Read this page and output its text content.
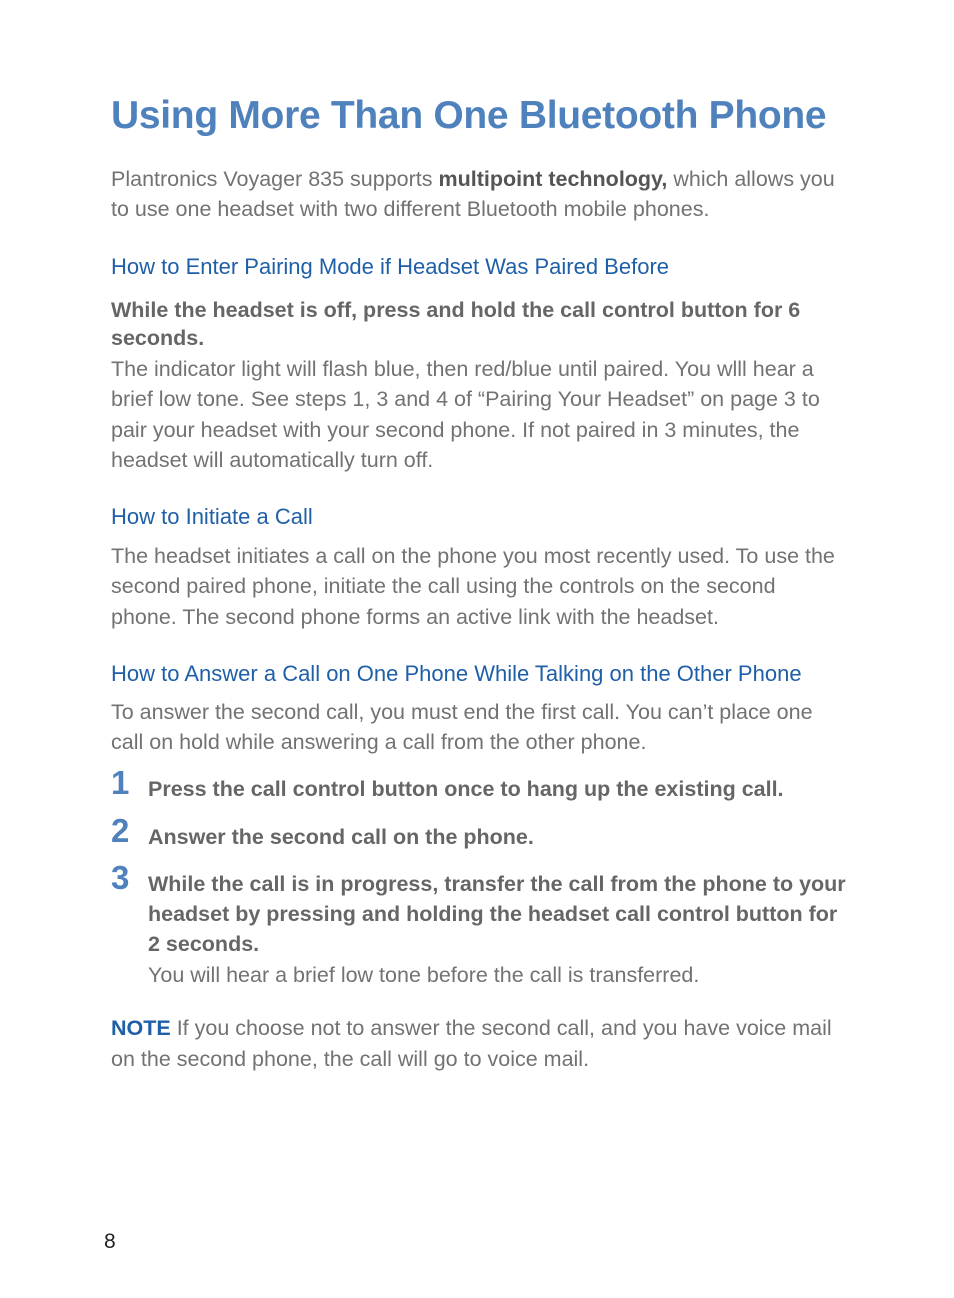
Using More Than One Bluetooth Phone

Plantronics Voyager 835 supports multipoint technology, which allows you to use one headset with two different Bluetooth mobile phones.

How to Enter Pairing Mode if Headset Was Paired Before

While the headset is off, press and hold the call control button for 6 seconds.

The indicator light will flash blue, then red/blue until paired. You wlll hear a brief low tone. See steps 1, 3 and 4 of “Pairing Your Headset” on page 3 to pair your headset with your second phone. If not paired in 3 minutes, the headset will automatically turn off.

How to Initiate a Call

The headset initiates a call on the phone you most recently used. To use the second paired phone, initiate the call using the controls on the second phone. The second phone forms an active link with the headset.

How to Answer a Call on One Phone While Talking on the Other Phone

To answer the second call, you must end the first call. You can’t place one call on hold while answering a call from the other phone.

1 Press the call control button once to hang up the existing call.

2 Answer the second call on the phone.

3 While the call is in progress, transfer the call from the phone to your headset by pressing and holding the headset call control button for 2 seconds.

You will hear a brief low tone before the call is transferred.

NOTE If you choose not to answer the second call, and you have voice mail on the second phone, the call will go to voice mail.

8
